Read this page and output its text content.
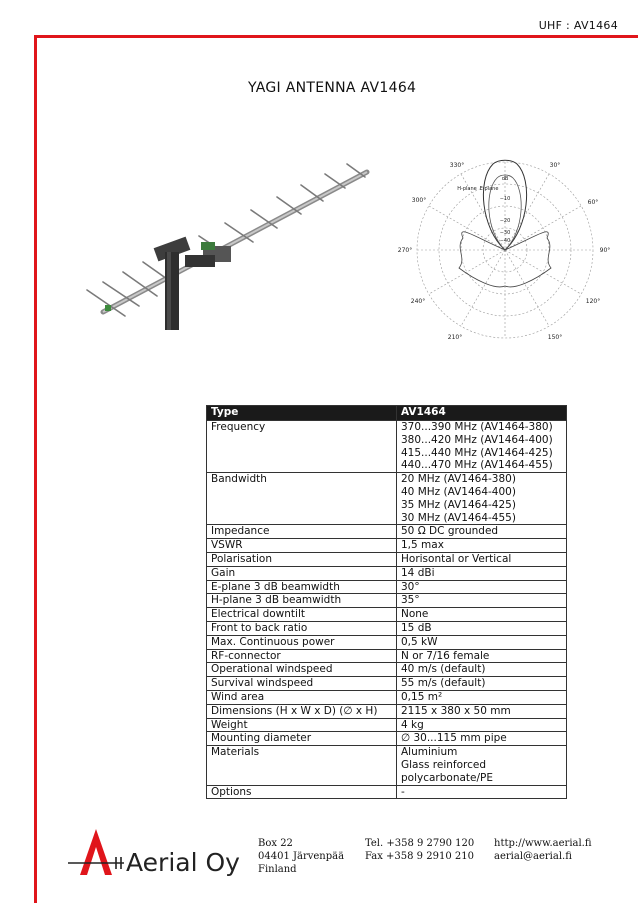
UHF : AV1464
YAGI ANTENNA AV1464
330°	30°
300°	60°
270°	90°
240°	120°
210°	150°
H-plane E-plane
dB
−10
−20
−30
−40
Type	AV1464
Frequency	370...390 MHz (AV1464-380)
380...420 MHz (AV1464-400)
415...440 MHz (AV1464-425)
440...470 MHz (AV1464-455)

Bandwidth	20 MHz (AV1464-380)
40 MHz (AV1464-400)
35 MHz (AV1464-425)
30 MHz (AV1464-455)

Impedance	50 Ω DC grounded

VSWR	1,5 max

Polarisation	Horisontal or Vertical

Gain	14 dBi

E-plane 3 dB beamwidth	30°

H-plane 3 dB beamwidth	35°

Electrical downtilt	None

Front to back ratio	15 dB

Max. Continuous power	0,5 kW

RF-connector	N or 7/16 female

Operational windspeed	40 m/s (default)

Survival windspeed	55 m/s (default)

Wind area	0,15 m²

Dimensions (H x W x D) (∅ x H)	2115 x 380 x 50 mm

Weight	4 kg

Mounting diameter	∅ 30...115 mm pipe

Materials	Aluminium
Glass reinforced
polycarbonate/PE

Options	-
Aerial Oy
Box 22
04401 Järvenpää
Finland
Tel. +358 9 2790 120
Fax +358 9 2910 210
http://www.aerial.fi
aerial@aerial.fi
